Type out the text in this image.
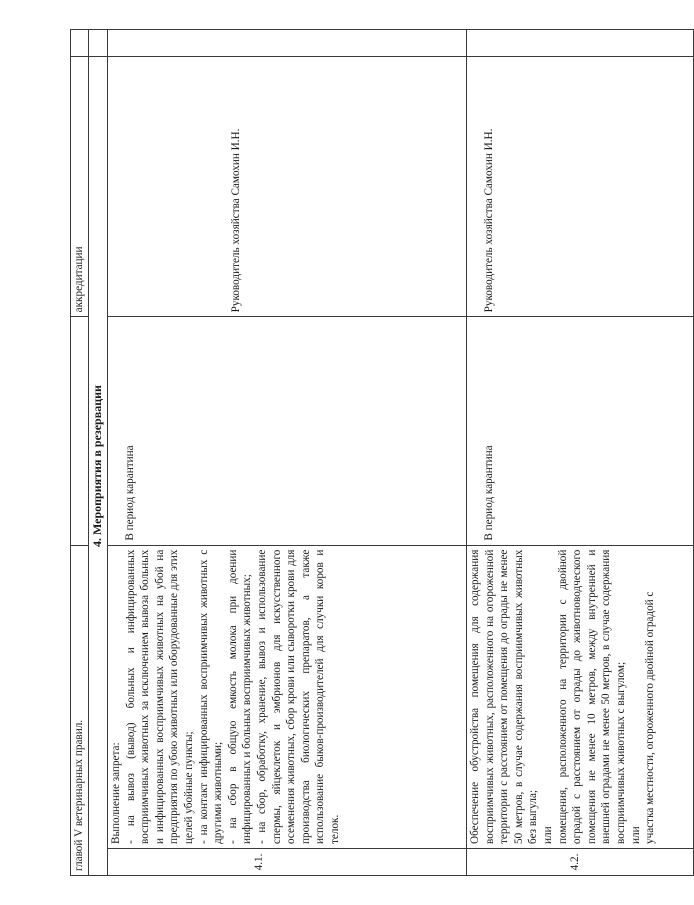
главой V ветеринарных правил.			аккредитации	
4. Мероприятия в резервации				

4.1.	Выполнение запрета: - на вывоз (вывод) больных и инфицированных восприимчивых животных за исключением вывоза больных и инфицированных восприимчивых животных на убой на предприятия по убою животных или оборудованные для этих целей убойные пункты; - на контакт инфицированных восприимчивых животных с другими животными; - на сбор в общую емкость молока при доении инфицированных и больных восприимчивых животных; - на сбор, обработку, хранение, вывоз и использование спермы, яйцеклеток и эмбрионов для искусственного осеменения животных, сбор крови или сыворотки крови для производства биологических препаратов, а также использование быков-производителей для случки коров и телок.	В период карантина	Руководитель хозяйства Самохин И.Н.	

4.2.	Обеспечение обустройства помещения для содержания восприимчивых животных, расположенного на огороженной территории с расстоянием от помещения до ограды не менее 50 метров, в случае содержания восприимчивых животных без выгула; или помещения, расположенного на территории с двойной оградой с расстоянием от ограды до животноводческого помещения не менее 10 метров, между внутренней и внешней оградами не менее 50 метров, в случае содержания восприимчивых животных с выгулом; или участка местности, огороженного двойной оградой с	В период карантина	Руководитель хозяйства Самохин И.Н.	
